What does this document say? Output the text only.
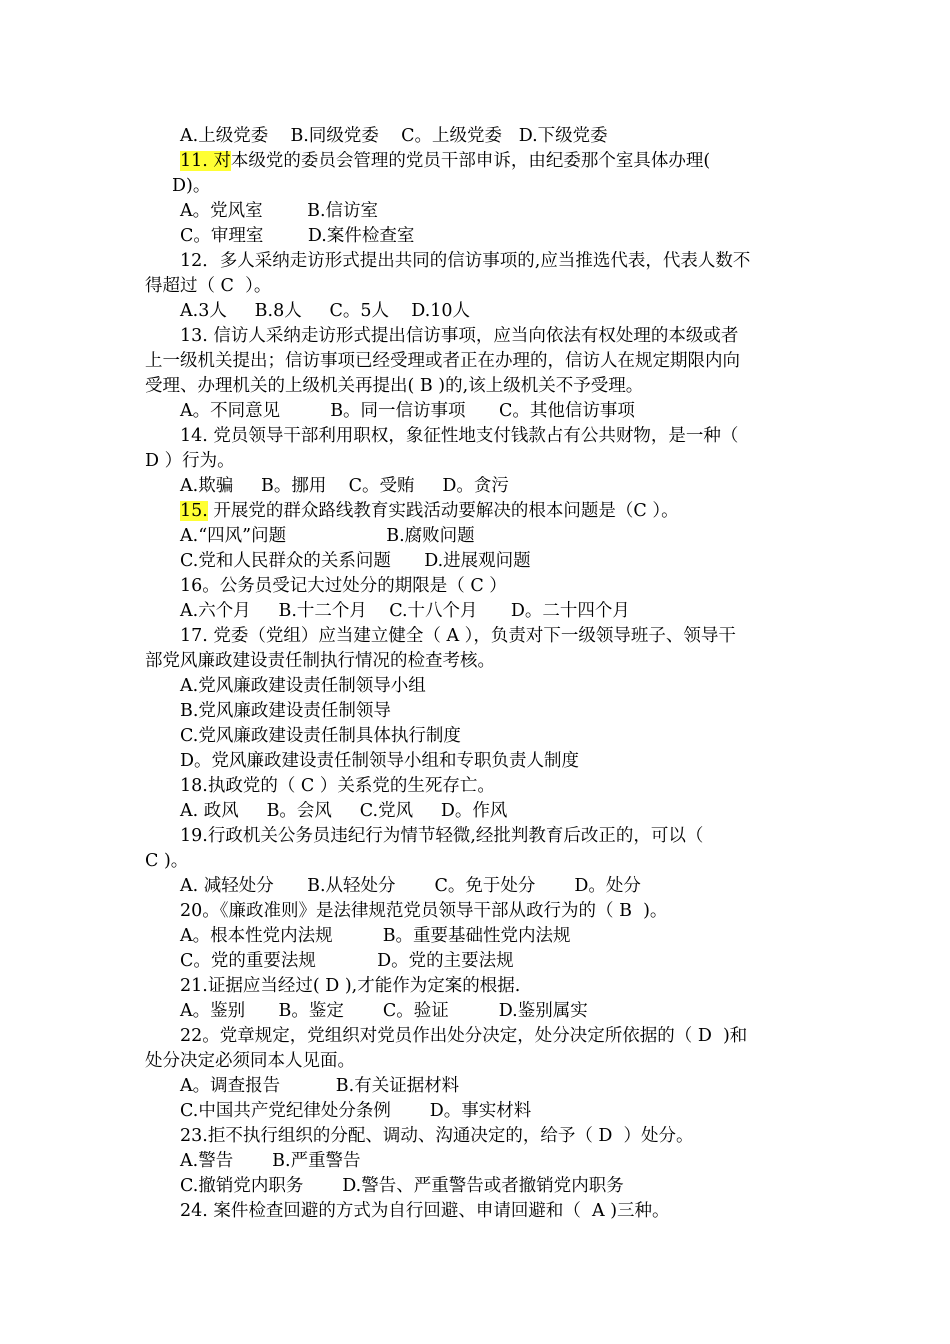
A.上级党委    B.同级党委    C。上级党委   D.下级党委
11. 对本级党的委员会管理的党员干部申诉，由纪委那个室具体办理(
D)。
A。党风室        B.信访室
C。审理室        D.案件检查室
12．多人采纳走访形式提出共同的信访事项的,应当推选代表，代表人数不
得超过（ C  ）。
A.3人     B.8人     C。5人    D.10人
13. 信访人采纳走访形式提出信访事项，应当向依法有权处理的本级或者
上一级机关提出；信访事项已经受理或者正在办理的，信访人在规定期限内向
受理、办理机关的上级机关再提出( B )的,该上级机关不予受理。
A。不同意见         B。同一信访事项      C。其他信访事项
14. 党员领导干部利用职权，象征性地支付钱款占有公共财物，是一种（
D ）行为。
A.欺骗     B。挪用    C。受贿     D。贪污
15. 开展党的群众路线教育实践活动要解决的根本问题是（C ）。
A.“四风”问题                  B.腐败问题
C.党和人民群众的关系问题      D.进展观问题
16。公务员受记大过处分的期限是（ C ）
A.六个月     B.十二个月    C.十八个月      D。二十四个月
17. 党委（党组）应当建立健全（ A ），负责对下一级领导班子、领导干
部党风廉政建设责任制执行情况的检查考核。
A.党风廉政建设责任制领导小组
B.党风廉政建设责任制领导
C.党风廉政建设责任制具体执行制度
D。党风廉政建设责任制领导小组和专职负责人制度
18.执政党的（ C ）关系党的生死存亡。
A. 政风     B。会风     C.党风     D。作风
19.行政机关公务员违纪行为情节轻微,经批判教育后改正的，可以（
C )。
A. 减轻处分      B.从轻处分       C。免于处分       D。处分
20。《廉政准则》是法律规范党员领导干部从政行为的（ B  )。
A。根本性党内法规         B。重要基础性党内法规
C。党的重要法规           D。党的主要法规
21.证据应当经过( D ),才能作为定案的根据.
A。鉴别      B。鉴定       C。验证         D.鉴别属实
22。党章规定，党组织对党员作出处分决定，处分决定所依据的（ D  )和
处分决定必须同本人见面。
A。调查报告          B.有关证据材料
C.中国共产党纪律处分条例       D。事实材料
23.拒不执行组织的分配、调动、沟通决定的，给予（ D  ）处分。
A.警告       B.严重警告
C.撤销党内职务       D.警告、严重警告或者撤销党内职务
24. 案件检查回避的方式为自行回避、申请回避和（  A )三种。
